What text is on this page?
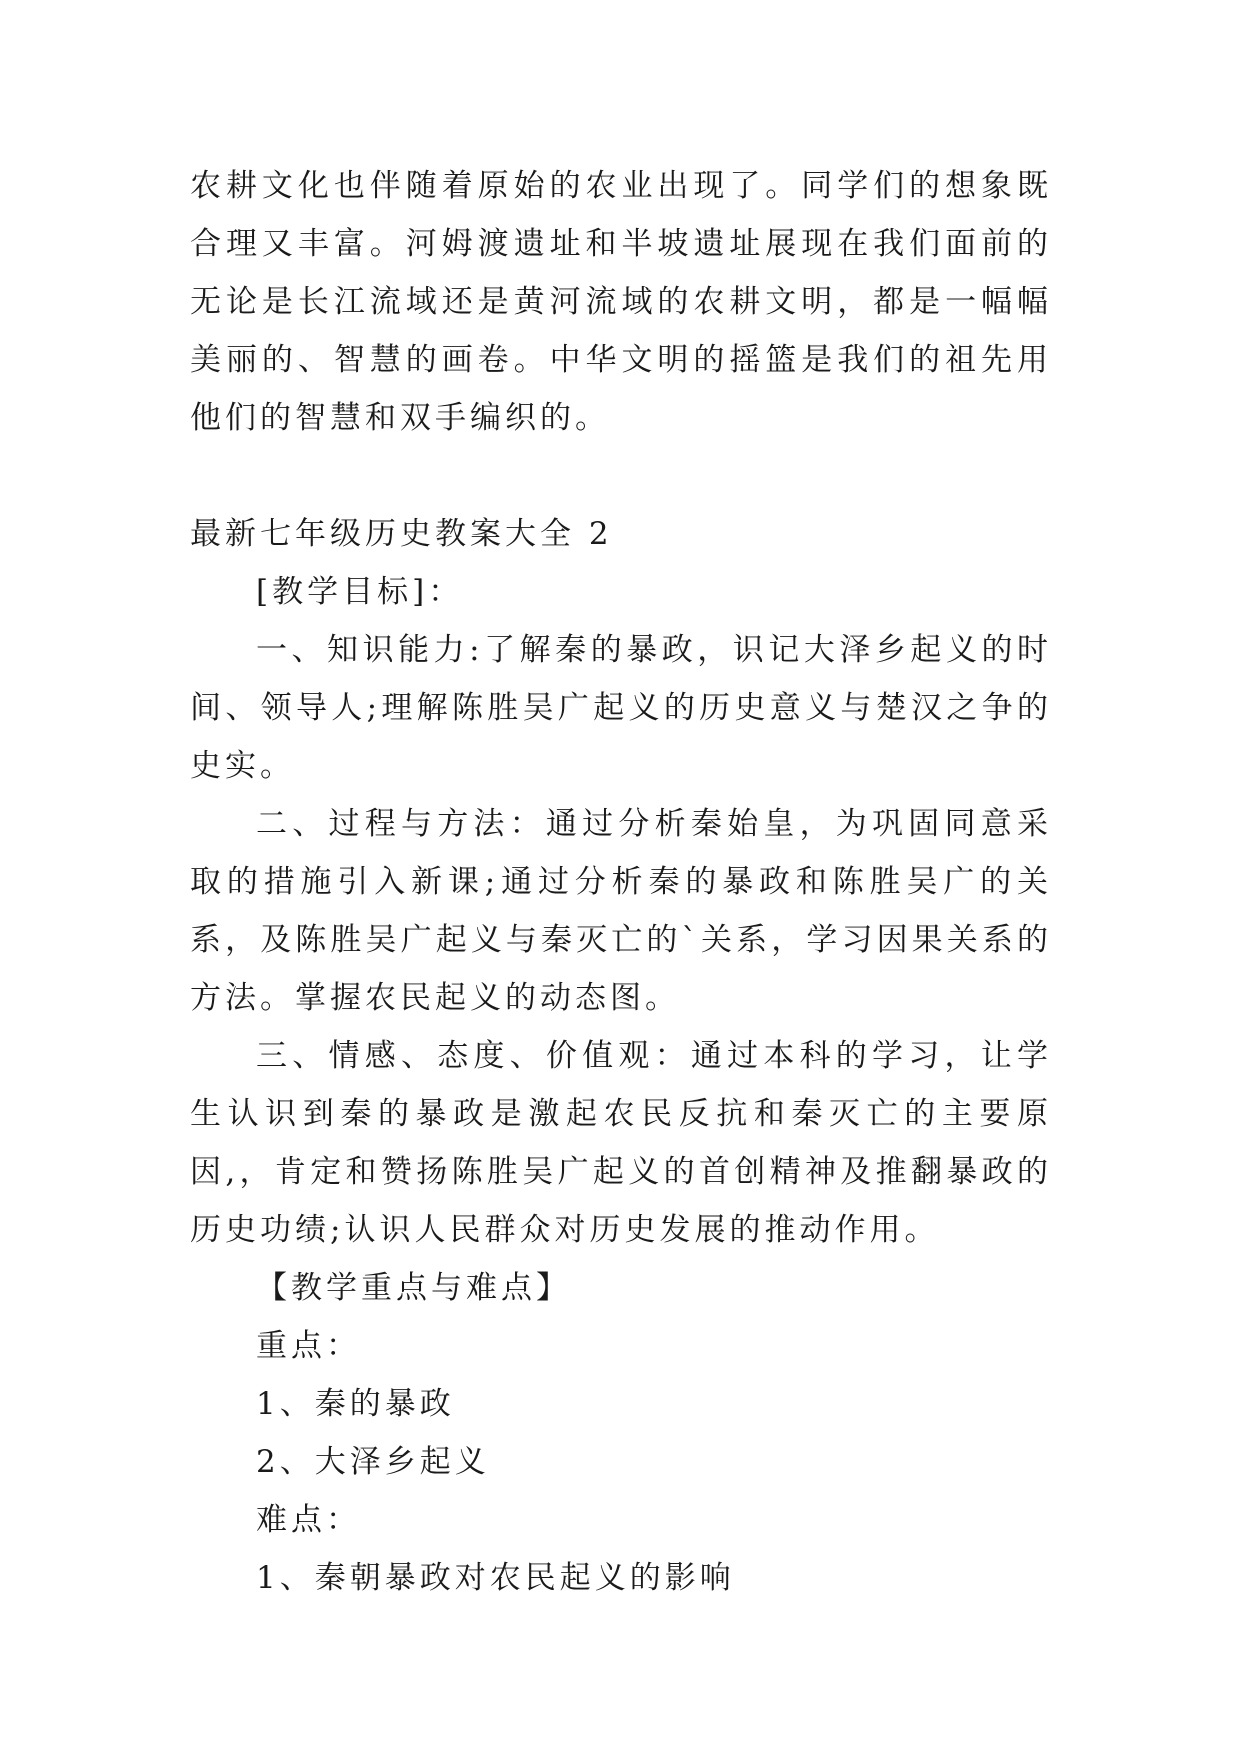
农耕文化也伴随着原始的农业出现了。同学们的想象既合理又丰富。河姆渡遗址和半坡遗址展现在我们面前的无论是长江流域还是黄河流域的农耕文明，都是一幅幅美丽的、智慧的画卷。中华文明的摇篮是我们的祖先用他们的智慧和双手编织的。

最新七年级历史教案大全 2

[教学目标]：

一、知识能力:了解秦的暴政，识记大泽乡起义的时间、领导人;理解陈胜吴广起义的历史意义与楚汉之争的史实。

二、过程与方法：通过分析秦始皇，为巩固同意采取的措施引入新课;通过分析秦的暴政和陈胜吴广的关系，及陈胜吴广起义与秦灭亡的`关系，学习因果关系的方法。掌握农民起义的动态图。

三、情感、态度、价值观：通过本科的学习，让学生认识到秦的暴政是激起农民反抗和秦灭亡的主要原因,，肯定和赞扬陈胜吴广起义的首创精神及推翻暴政的历史功绩;认识人民群众对历史发展的推动作用。

【教学重点与难点】

重点：

1、秦的暴政

2、大泽乡起义

难点：

1、秦朝暴政对农民起义的影响
